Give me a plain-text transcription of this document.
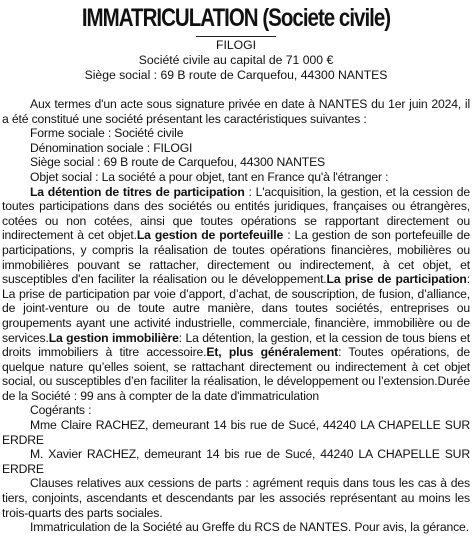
IMMATRICULATION (Societe civile)
FILOGI
Société civile au capital de 71 000 €
Siège social : 69 B route de Carquefou, 44300 NANTES

Aux termes d'un acte sous signature privée en date à NANTES du 1er juin 2024, il a été constitué une société présentant les caractéristiques suivantes :

Forme sociale : Société civile
Dénomination sociale : FILOGI
Siège social : 69 B route de Carquefou, 44300 NANTES
Objet social : La société a pour objet, tant en France qu'à l'étranger :

La détention de titres de participation : L'acquisition, la gestion, et la cession de toutes participations dans des sociétés ou entités juridiques, françaises ou étrangères, cotées ou non cotées, ainsi que toutes opérations se rapportant directement ou indirectement à cet objet.La gestion de portefeuille : La gestion de son portefeuille de participations, y compris la réalisation de toutes opérations financières, mobilières ou immobilières pouvant se rattacher, directement ou indirectement, à cet objet, et susceptibles d'en faciliter la réalisation ou le développement.La prise de participation: La prise de participation par voie d’apport, d’achat, de souscription, de fusion, d’alliance, de joint-venture ou de toute autre manière, dans toutes sociétés, entreprises ou groupements ayant une activité industrielle, commerciale, financière, immobilière ou de services.La gestion immobilière: La détention, la gestion, et la cession de tous biens et droits immobiliers à titre accessoire.Et, plus généralement: Toutes opérations, de quelque nature qu’elles soient, se rattachant directement ou indirectement à cet objet social, ou susceptibles d’en faciliter la réalisation, le développement ou l’extension.Durée de la Société : 99 ans à compter de la date d'immatriculation

Cogérants :

Mme Claire RACHEZ, demeurant 14 bis rue de Sucé, 44240 LA CHAPELLE SUR ERDRE

M. Xavier RACHEZ, demeurant 14 bis rue de Sucé, 44240 LA CHAPELLE SUR ERDRE

Clauses relatives aux cessions de parts : agrément requis dans tous les cas à des tiers, conjoints, ascendants et descendants par les associés représentant au moins les trois-quarts des parts sociales.

Immatriculation de la Société au Greffe du RCS de NANTES. Pour avis, la gérance.
